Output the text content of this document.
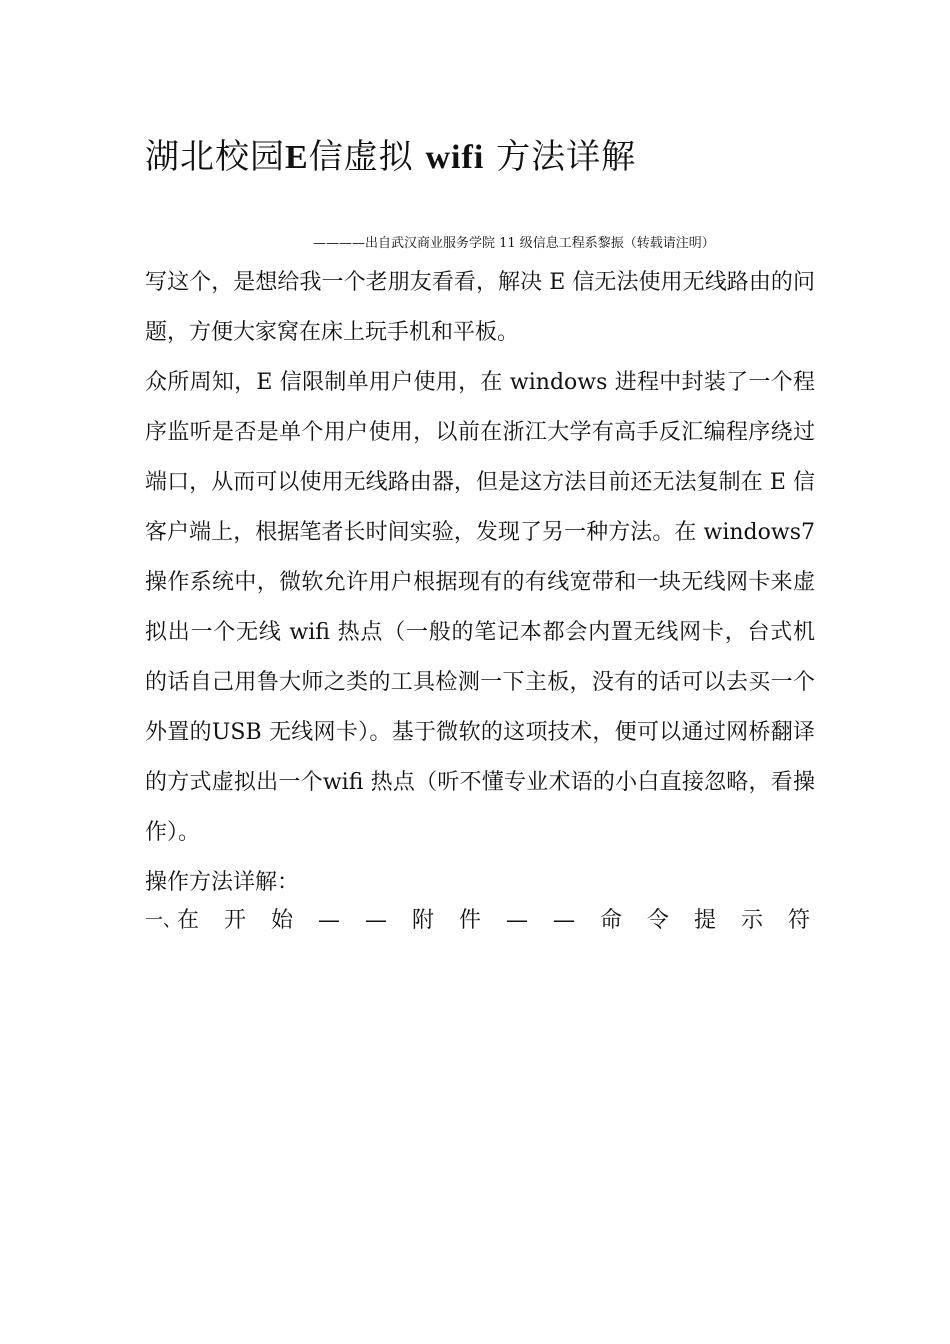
湖北校园E信虚拟 wifi 方法详解
————出自武汉商业服务学院 11 级信息工程系黎振（转载请注明）

写这个，是想给我一个老朋友看看，解决 E 信无法使用无线路由的问题，方便大家窝在床上玩手机和平板。

众所周知，E 信限制单用户使用，在 windows 进程中封装了一个程序监听是否是单个用户使用，以前在浙江大学有高手反汇编程序绕过端口，从而可以使用无线路由器，但是这方法目前还无法复制在 E 信客户端上，根据笔者长时间实验，发现了另一种方法。在 windows7 操作系统中，微软允许用户根据现有的有线宽带和一块无线网卡来虚拟出一个无线 wifi 热点（一般的笔记本都会内置无线网卡，台式机的话自己用鲁大师之类的工具检测一下主板，没有的话可以去买一个外置的USB 无线网卡）。基于微软的这项技术，便可以通过网桥翻译的方式虚拟出一个wifi 热点（听不懂专业术语的小白直接忽略，看操作）。

操作方法详解：

一、
在 开 始 — — 附 件 — — 命 令 提 示 符
